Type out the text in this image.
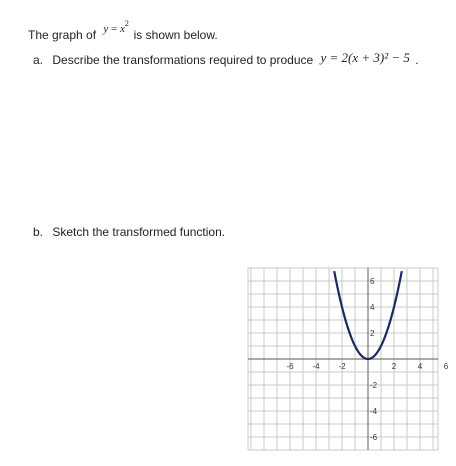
The graph of $y = x^2$ is shown below.
a. Describe the transformations required to produce y = 2(x + 3)² − 5 .
b. Sketch the transformed function.
-6 -4 -2	2	4	6
6
4
2
-2
-4
-6
